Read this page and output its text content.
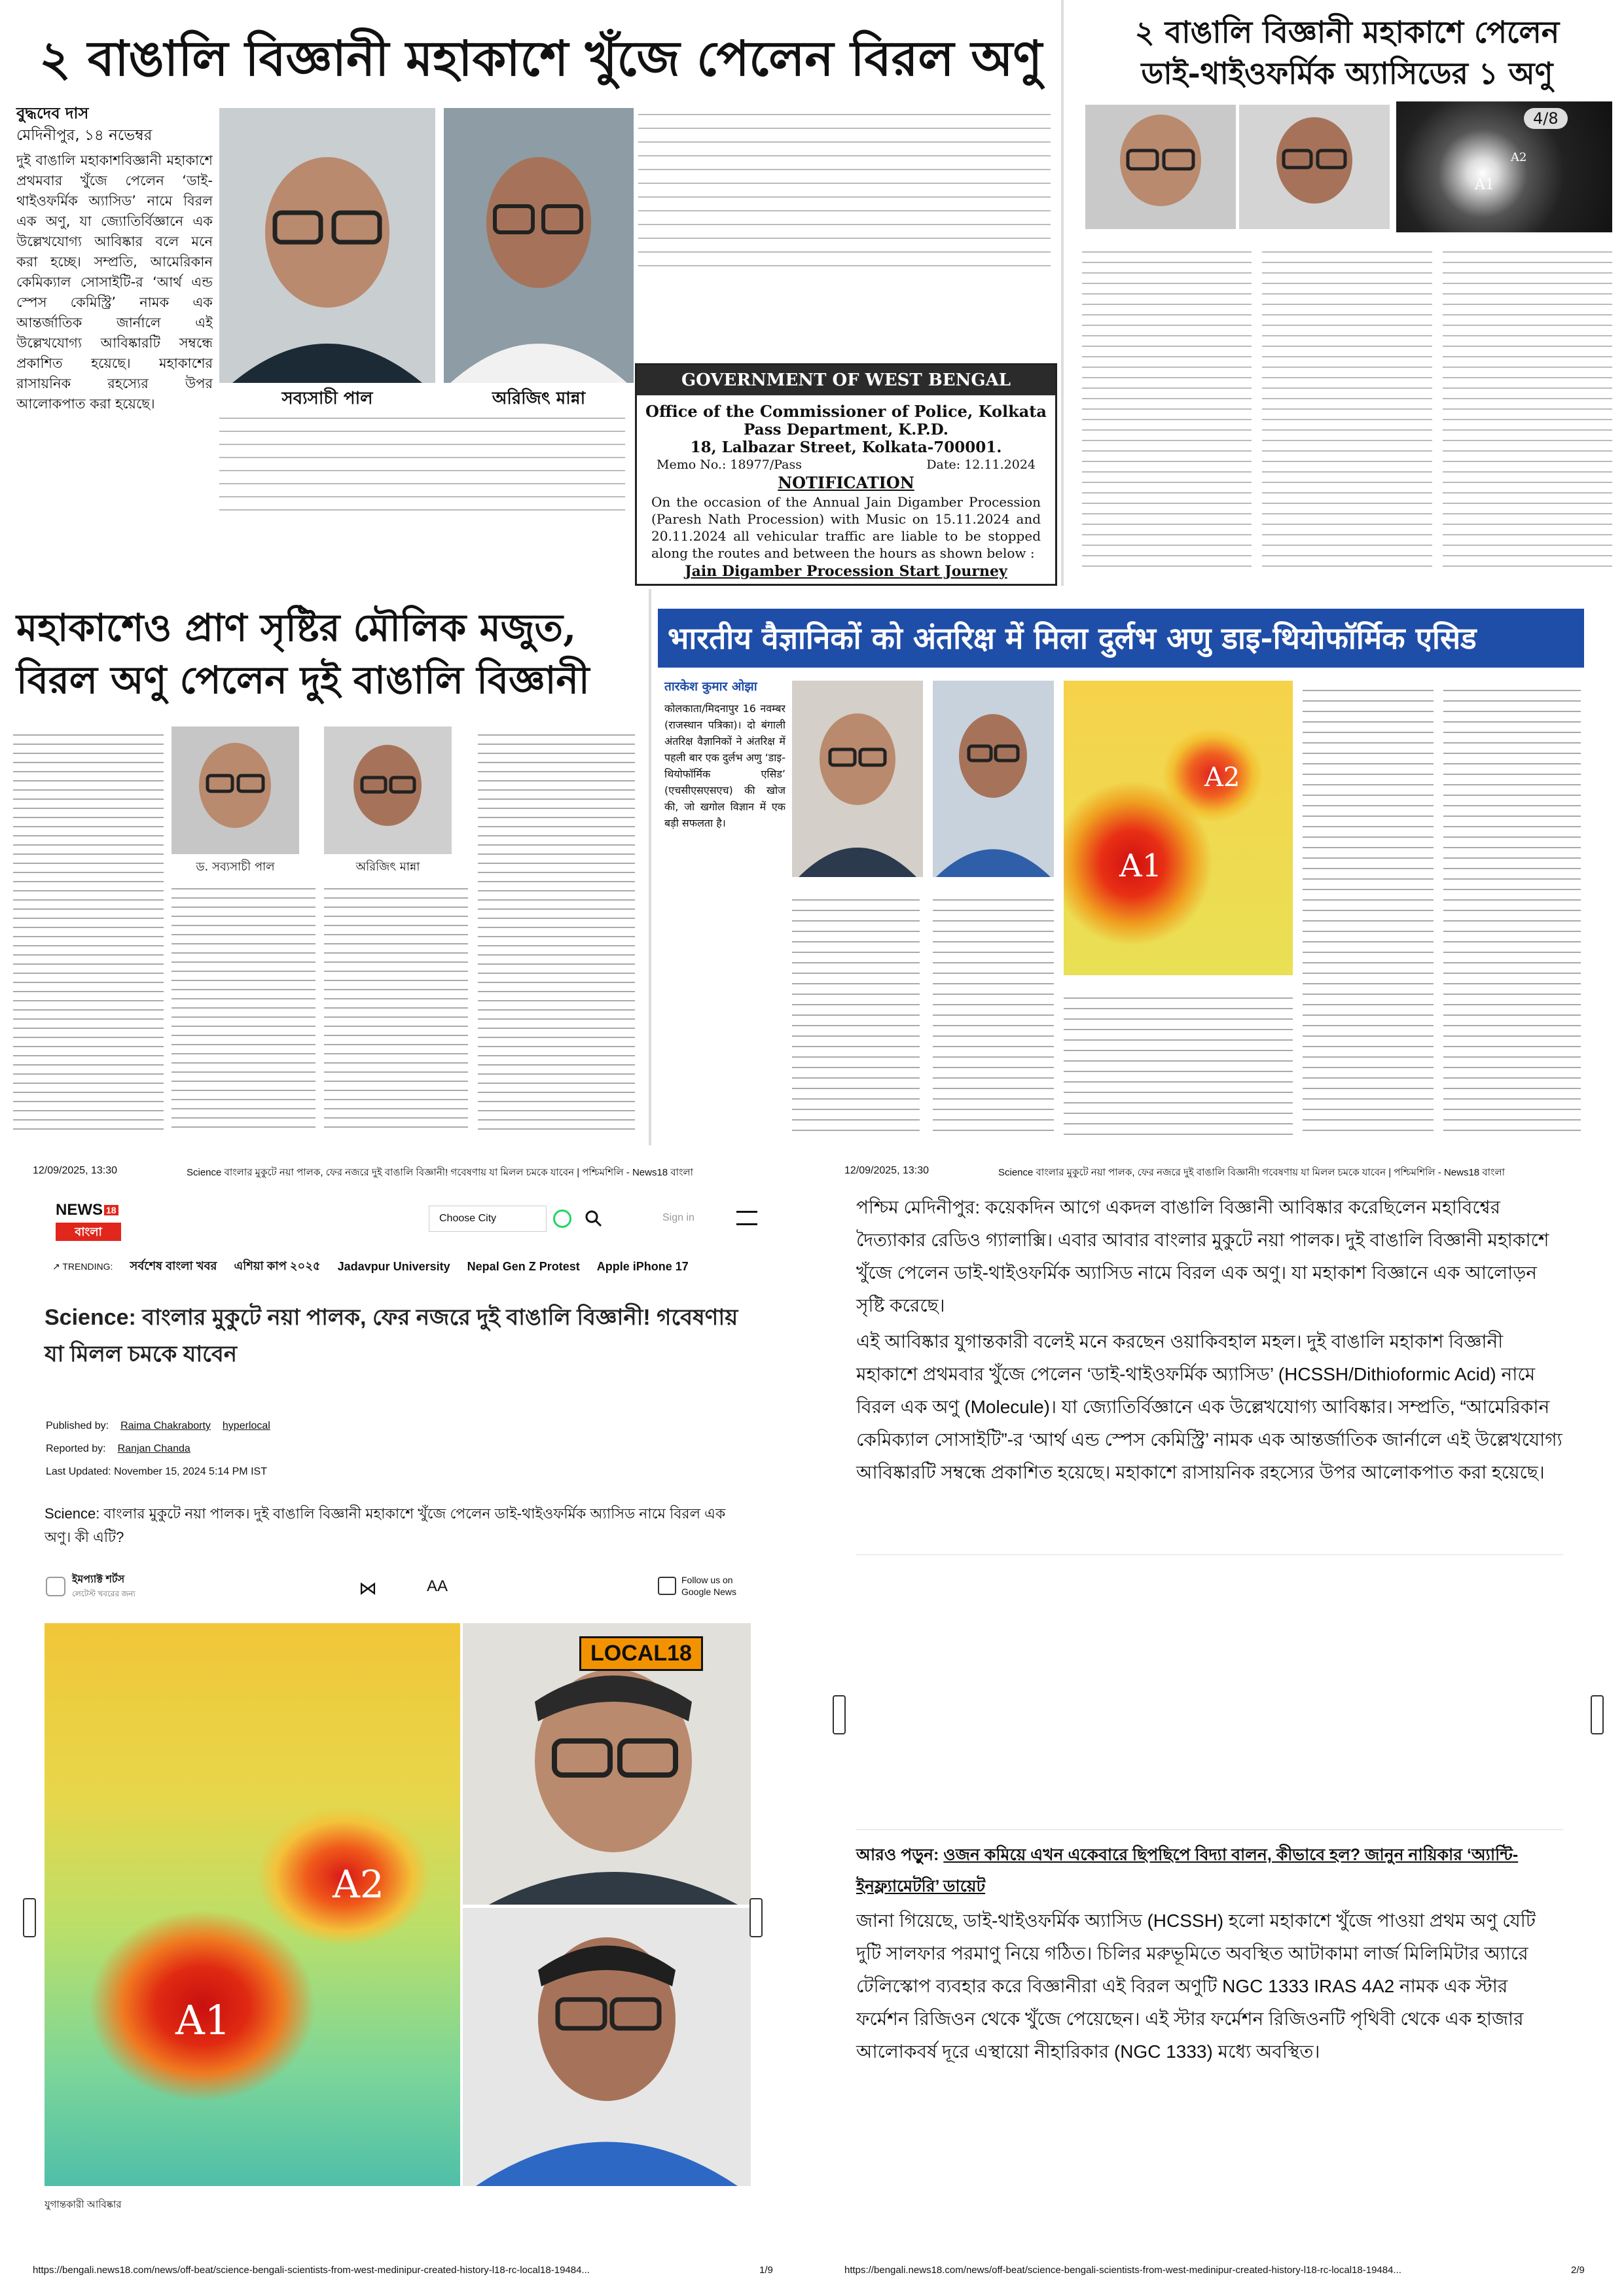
২ বাঙালি বিজ্ঞানী মহাকাশে খুঁজে পেলেন বিরল অণু
বুদ্ধদেব দাস
মেদিনীপুর, ১৪ নভেম্বর
দুই বাঙালি মহাকাশবিজ্ঞানী মহাকাশে প্রথমবার খুঁজে পেলেন ‘ডাই-থাইওফর্মিক অ্যাসিড’ নামে বিরল এক অণু, যা জ্যোতির্বিজ্ঞানে এক উল্লেখযোগ্য আবিষ্কার বলে মনে করা হচ্ছে। সম্প্রতি, আমেরিকান কেমিক্যাল সোসাইটি-র ‘আর্থ এন্ড স্পেস কেমিস্ট্রি’ নামক এক আন্তর্জাতিক জার্নালে এই উল্লেখযোগ্য আবিষ্কারটি সম্বন্ধে প্রকাশিত হয়েছে। মহাকাশের রাসায়নিক রহস্যের উপর আলোকপাত করা হয়েছে।	সব্যসাচী পাল	অরিজিৎ মান্না
GOVERNMENT OF WEST BENGAL
Office of the Commissioner of Police, Kolkata
Pass Department, K.P.D.
18, Lalbazar Street, Kolkata-700001.
Memo No.: 18977/Pass	Date: 12.11.2024
NOTIFICATION
On the occasion of the Annual Jain Digamber Procession (Paresh Nath Procession) with Music on 15.11.2024 and 20.11.2024 all vehicular traffic are liable to be stopped along the routes and between the hours as shown below :
Jain Digamber Procession Start Journey
২ বাঙালি বিজ্ঞানী মহাকাশে পেলেন
ডাই-থাইওফর্মিক অ্যাসিডের ১ অণু
A1
A2
4/8
মহাকাশেও প্রাণ সৃষ্টির মৌলিক মজুত,
বিরল অণু পেলেন দুই বাঙালি বিজ্ঞানী
ড. সব্যসাচী পাল	অরিজিৎ মান্না
भारतीय वैज्ञानिकों को अंतरिक्ष में मिला दुर्लभ अणु डाइ-थियोफॉर्मिक एसिड
तारकेश कुमार ओझा
कोलकाता/मिदनापुर 16 नवम्बर (राजस्थान पत्रिका)। दो बंगाली अंतरिक्ष वैज्ञानिकों ने अंतरिक्ष में पहली बार एक दुर्लभ अणु ‘डाइ-थियोफॉर्मिक एसिड’ (एचसीएसएसएच) की खोज की, जो खगोल विज्ञान में एक बड़ी सफलता है।
A1
A2
12/09/2025, 13:30	Science বাংলার মুকুটে নয়া পালক, ফের নজরে দুই বাঙালি বিজ্ঞানী! গবেষণায় যা মিলল চমকে যাবেন | পশ্চিমশিলি - News18 বাংলা
NEWS 18
বাংলা
Choose City	Sign in
↗ TRENDING: সর্বশেষ বাংলা খবর এশিয়া কাপ ২০২৫ Jadavpur University Nepal Gen Z Protest Apple iPhone 17
Science: বাংলার মুকুটে নয়া পালক, ফের নজরে দুই বাঙালি বিজ্ঞানী! গবেষণায় যা মিলল চমকে যাবেন
Published by: Raima Chakraborty hyperlocal
Reported by: Ranjan Chanda
Last Updated: November 15, 2024 5:14 PM IST
Science: বাংলার মুকুটে নয়া পালক। দুই বাঙালি বিজ্ঞানী মহাকাশে খুঁজে পেলেন ডাই-থাইওফর্মিক অ্যাসিড নামে বিরল এক অণু। কী এটি?
ইমপ্যাক্ট শর্টস
লেটেস্ট খবরের জন্য	⋈	AA	Follow us on
Google News
A1
A2
LOCAL18
যুগান্তকারী আবিষ্কার
https://bengali.news18.com/news/off-beat/science-bengali-scientists-from-west-medinipur-created-history-l18-rc-local18-19484...	1/9
12/09/2025, 13:30	Science বাংলার মুকুটে নয়া পালক, ফের নজরে দুই বাঙালি বিজ্ঞানী! গবেষণায় যা মিলল চমকে যাবেন | পশ্চিমশিলি - News18 বাংলা

পশ্চিম মেদিনীপুর: কয়েকদিন আগে একদল বাঙালি বিজ্ঞানী আবিষ্কার করেছিলেন মহাবিশ্বের দৈত্যাকার রেডিও গ্যালাক্সি। এবার আবার বাংলার মুকুটে নয়া পালক। দুই বাঙালি বিজ্ঞানী মহাকাশে খুঁজে পেলেন ডাই-থাইওফর্মিক অ্যাসিড নামে বিরল এক অণু। যা মহাকাশ বিজ্ঞানে এক আলোড়ন সৃষ্টি করেছে।

এই আবিষ্কার যুগান্তকারী বলেই মনে করছেন ওয়াকিবহাল মহল। দুই বাঙালি মহাকাশ বিজ্ঞানী মহাকাশে প্রথমবার খুঁজে পেলেন ‘ডাই-থাইওফর্মিক অ্যাসিড’ (HCSSH/Dithioformic Acid) নামে বিরল এক অণু (Molecule)। যা জ্যোতির্বিজ্ঞানে এক উল্লেখযোগ্য আবিষ্কার। সম্প্রতি, “আমেরিকান কেমিক্যাল সোসাইটি”-র ‘আর্থ এন্ড স্পেস কেমিস্ট্রি’ নামক এক আন্তর্জাতিক জার্নালে এই উল্লেখযোগ্য আবিষ্কারটি সম্বন্ধে প্রকাশিত হয়েছে। মহাকাশে রাসায়নিক রহস্যের উপর আলোকপাত করা হয়েছে।

আরও পড়ুন: ওজন কমিয়ে এখন একেবারে ছিপছিপে বিদ্যা বালন, কীভাবে হল? জানুন নায়িকার ‘অ্যান্টি-ইনফ্ল্যামেটরি’ ডায়েট

জানা গিয়েছে, ডাই-থাইওফর্মিক অ্যাসিড (HCSSH) হলো মহাকাশে খুঁজে পাওয়া প্রথম অণু যেটি দুটি সালফার পরমাণু নিয়ে গঠিত। চিলির মরুভূমিতে অবস্থিত আটাকামা লার্জ মিলিমিটার অ্যারে টেলিস্কোপ ব্যবহার করে বিজ্ঞানীরা এই বিরল অণুটি NGC 1333 IRAS 4A2 নামক এক স্টার ফর্মেশন রিজিওন থেকে খুঁজে পেয়েছেন। এই স্টার ফর্মেশন রিজিওনটি পৃথিবী থেকে এক হাজার আলোকবর্ষ দূরে এস্থায়ো নীহারিকার (NGC 1333) মধ্যে অবস্থিত।

https://bengali.news18.com/news/off-beat/science-bengali-scientists-from-west-medinipur-created-history-l18-rc-local18-19484...	2/9
